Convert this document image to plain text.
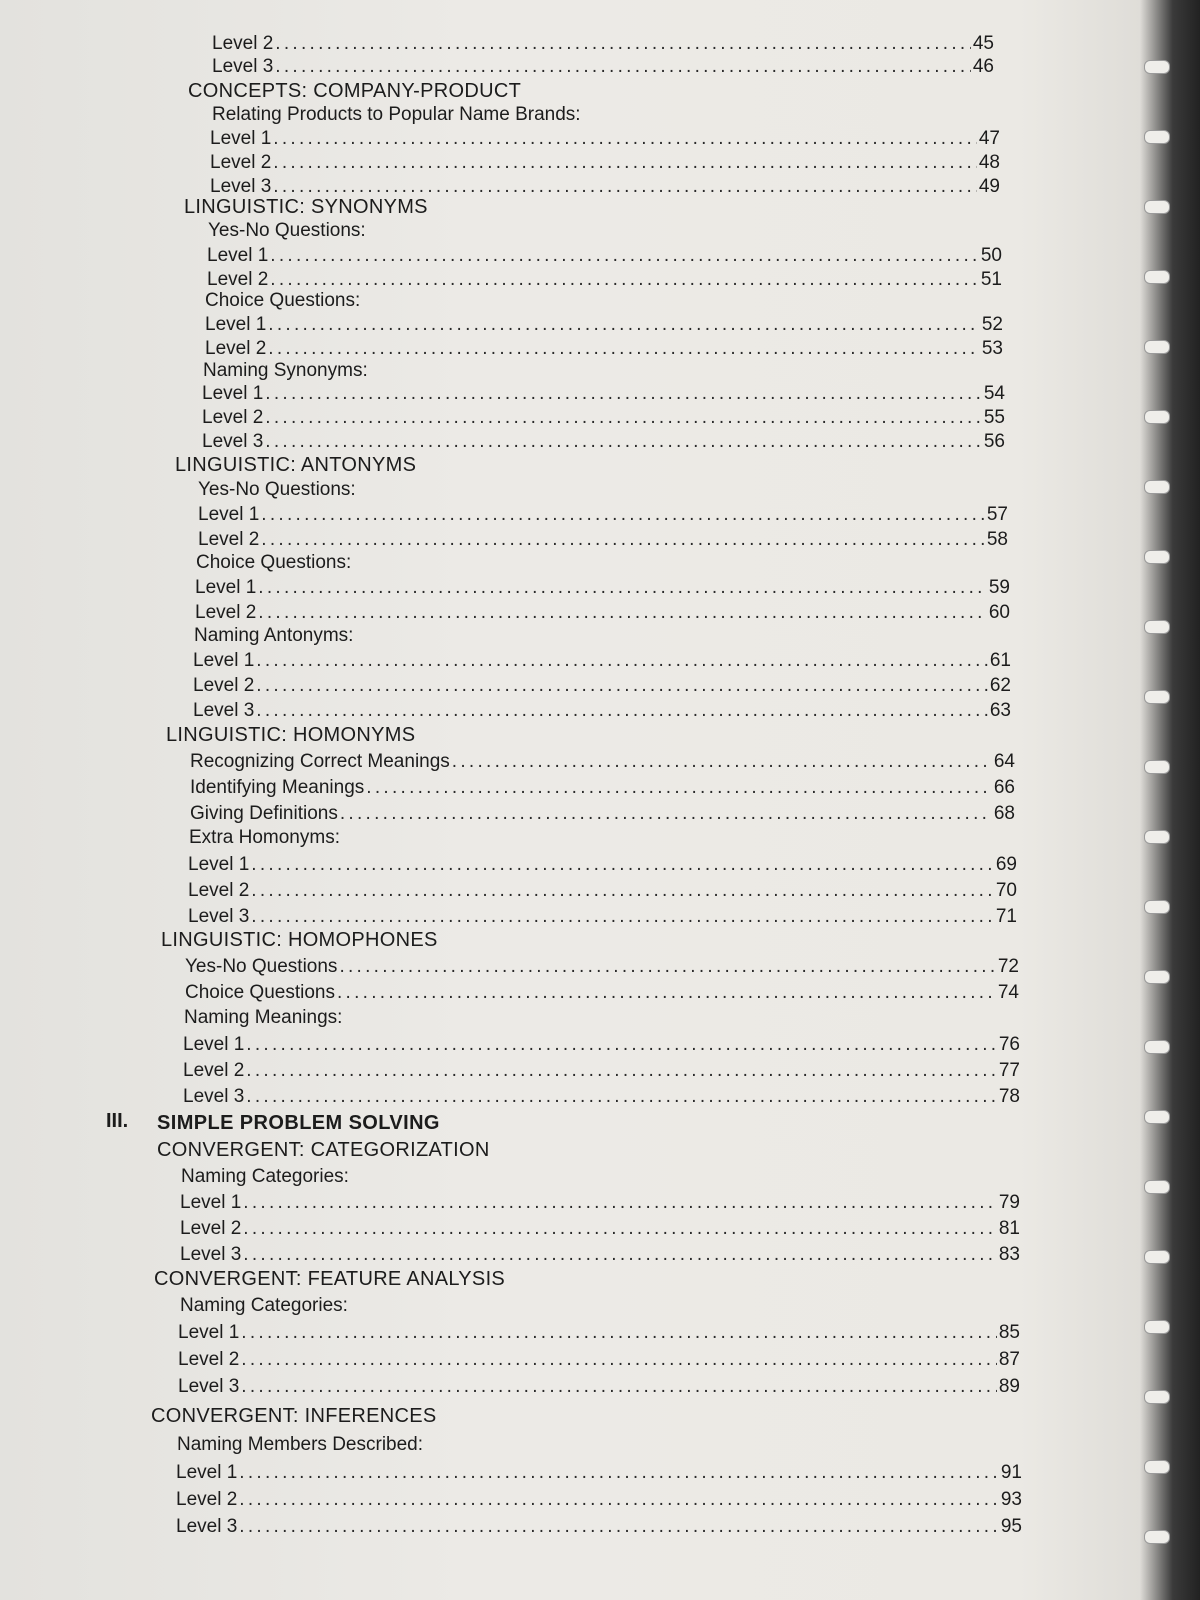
Level 2 . . .	45
Level 3 . . .	46
CONCEPTS: COMPANY-PRODUCT
Relating Products to Popular Name Brands:
Level 1 . . .	47
Level 2 . . .	48
Level 3 . . .	49
LINGUISTIC: SYNONYMS
Yes-No Questions:
Level 1 . . .	50
Level 2 . . .	51
Choice Questions:
Level 1 . . .	52
Level 2 . . .	53
Naming Synonyms:
Level 1 . . .	54
Level 2 . . .	55
Level 3 . . .	56
LINGUISTIC: ANTONYMS
Yes-No Questions:
Level 1 . . .	57
Level 2 . . .	58
Choice Questions:
Level 1 . . .	59
Level 2 . . .	60
Naming Antonyms:
Level 1 . . .	61
Level 2 . . .	62
Level 3 . . .	63
LINGUISTIC: HOMONYMS
Recognizing Correct Meanings . . .	64
Identifying Meanings . . .	66
Giving Definitions . . .	68
Extra Homonyms:
Level 1 . . .	69
Level 2 . . .	70
Level 3 . . .	71
LINGUISTIC: HOMOPHONES
Yes-No Questions . . .	72
Choice Questions . . .	74
Naming Meanings:
Level 1 . . .	76
Level 2 . . .	77
Level 3 . . .	78
III. SIMPLE PROBLEM SOLVING
CONVERGENT: CATEGORIZATION
Naming Categories:
Level 1 . . .	79
Level 2 . . .	81
Level 3 . . .	83
CONVERGENT: FEATURE ANALYSIS
Naming Categories:
Level 1 . . .	85
Level 2 . . .	87
Level 3 . . .	89
CONVERGENT: INFERENCES
Naming Members Described:
Level 1 . . .	91
Level 2 . . .	93
Level 3 . . .	95
